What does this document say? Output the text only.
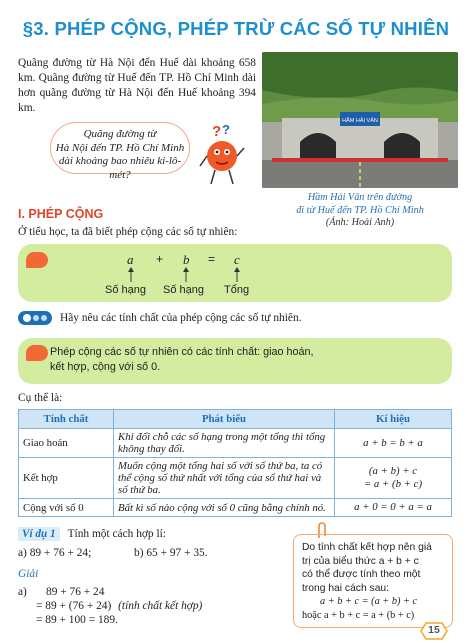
§3. PHÉP CỘNG, PHÉP TRỪ CÁC SỐ TỰ NHIÊN
Quãng đường từ Hà Nội đến Huế dài khoảng 658 km. Quãng đường từ Huế đến TP. Hồ Chí Minh dài hơn quãng đường từ Hà Nội đến Huế khoảng 394 km.
Quãng đường từ
Hà Nội đến TP. Hồ Chí Minh
dài khoảng bao nhiêu ki-lô-mét?
? ?
HẦM HẢI VÂN
Hầm Hải Vân trên đường
đi từ Huế đến TP. Hồ Chí Minh
(Ảnh: Hoài Anh)
I. PHÉP CỘNG
Ở tiểu học, ta đã biết phép cộng các số tự nhiên:
a + b = c
Số hạng Số hạng Tổng
Hãy nêu các tính chất của phép cộng các số tự nhiên.
Phép cộng các số tự nhiên có các tính chất: giao hoán,
kết hợp, cộng với số 0.
Cụ thể là:
Tính chất	Phát biểu	Kí hiệu
Giao hoán	Khi đổi chỗ các số hạng trong một tổng thì tổng không thay đổi.	a + b = b + a
Kết hợp	Muốn cộng một tổng hai số với số thứ ba, ta có thể cộng số thứ nhất với tổng của số thứ hai và số thứ ba.	(a + b) + c
= a + (b + c)

Cộng với số 0	Bất kì số nào cộng với số 0 cũng bằng chính nó.	a + 0 = 0 + a = a
Ví dụ 1 Tính một cách hợp lí:
a) 89 + 76 + 24;	b) 65 + 97 + 35.
Giải
a) 89 + 76 + 24
= 89 + (76 + 24) (tính chất kết hợp)
= 89 + 100 = 189.
Do tính chất kết hợp nên giá
trị của biểu thức a + b + c
có thể được tính theo một
trong hai cách sau:
a + b + c = (a + b) + c
hoặc a + b + c = a + (b + c)
15
